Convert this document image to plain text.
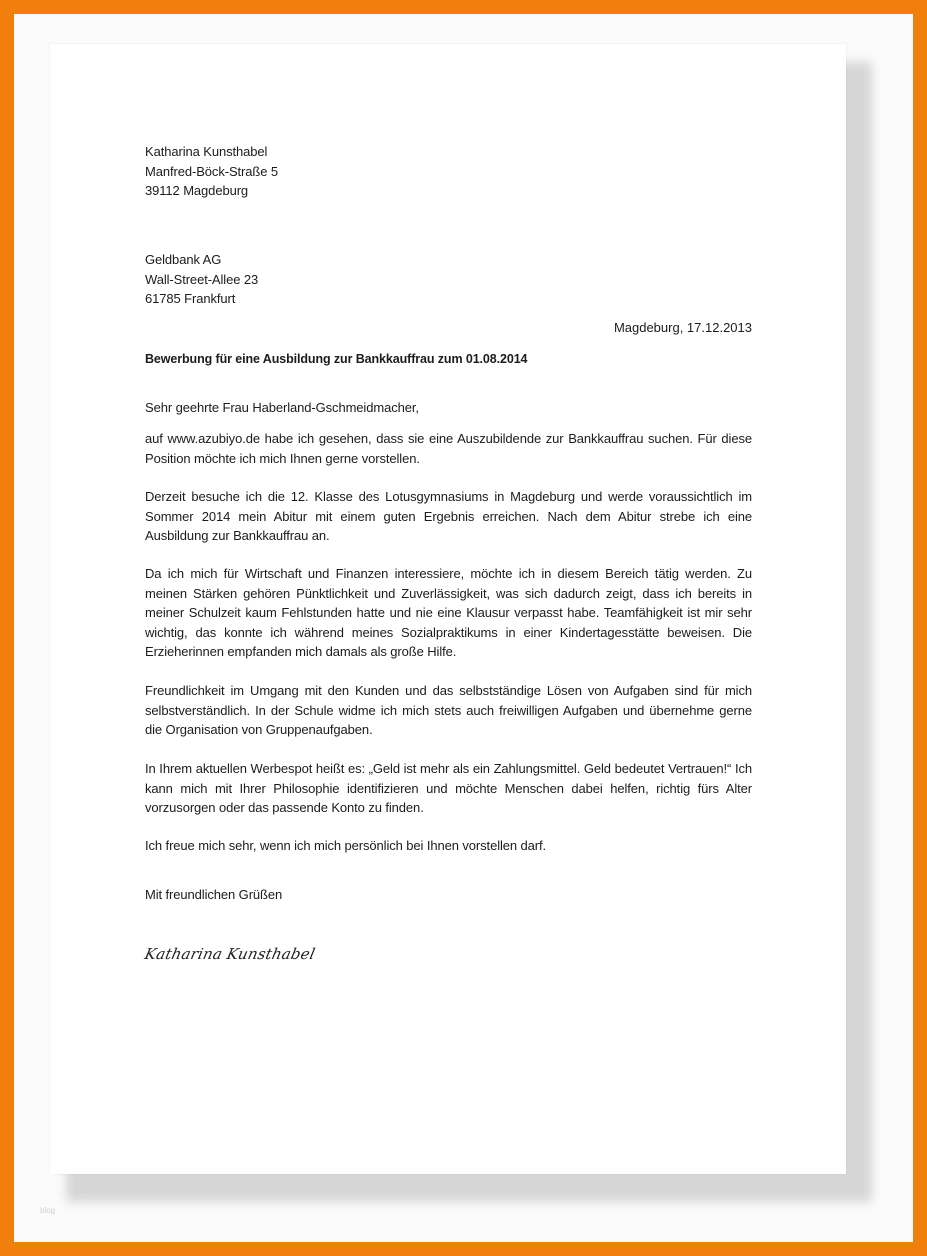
Katharina Kunsthabel
Manfred-Böck-Straße 5
39112 Magdeburg
Geldbank AG
Wall-Street-Allee 23
61785 Frankfurt
Magdeburg, 17.12.2013
Bewerbung für eine Ausbildung zur Bankkauffrau zum 01.08.2014
Sehr geehrte Frau Haberland-Gschmeidmacher,
auf www.azubiyo.de habe ich gesehen, dass sie eine Auszubildende zur Bankkauffrau suchen. Für diese Position möchte ich mich Ihnen gerne vorstellen.
Derzeit besuche ich die 12. Klasse des Lotusgymnasiums in Magdeburg und werde voraussichtlich im Sommer 2014 mein Abitur mit einem guten Ergebnis erreichen. Nach dem Abitur strebe ich eine Ausbildung zur Bankkauffrau an.
Da ich mich für Wirtschaft und Finanzen interessiere, möchte ich in diesem Bereich tätig werden. Zu meinen Stärken gehören Pünktlichkeit und Zuverlässigkeit, was sich dadurch zeigt, dass ich bereits in meiner Schulzeit kaum Fehlstunden hatte und nie eine Klausur verpasst habe. Teamfähigkeit ist mir sehr wichtig, das konnte ich während meines Sozialpraktikums in einer Kindertagesstätte beweisen. Die Erzieherinnen empfanden mich damals als große Hilfe.
Freundlichkeit im Umgang mit den Kunden und das selbstständige Lösen von Aufgaben sind für mich selbstverständlich. In der Schule widme ich mich stets auch freiwilligen Aufgaben und übernehme gerne die Organisation von Gruppenaufgaben.
In Ihrem aktuellen Werbespot heißt es: „Geld ist mehr als ein Zahlungsmittel. Geld bedeutet Vertrauen!“ Ich kann mich mit Ihrer Philosophie identifizieren und möchte Menschen dabei helfen, richtig fürs Alter vorzusorgen oder das passende Konto zu finden.
Ich freue mich sehr, wenn ich mich persönlich bei Ihnen vorstellen darf.
Mit freundlichen Grüßen
Katharina Kunsthabel
blog
